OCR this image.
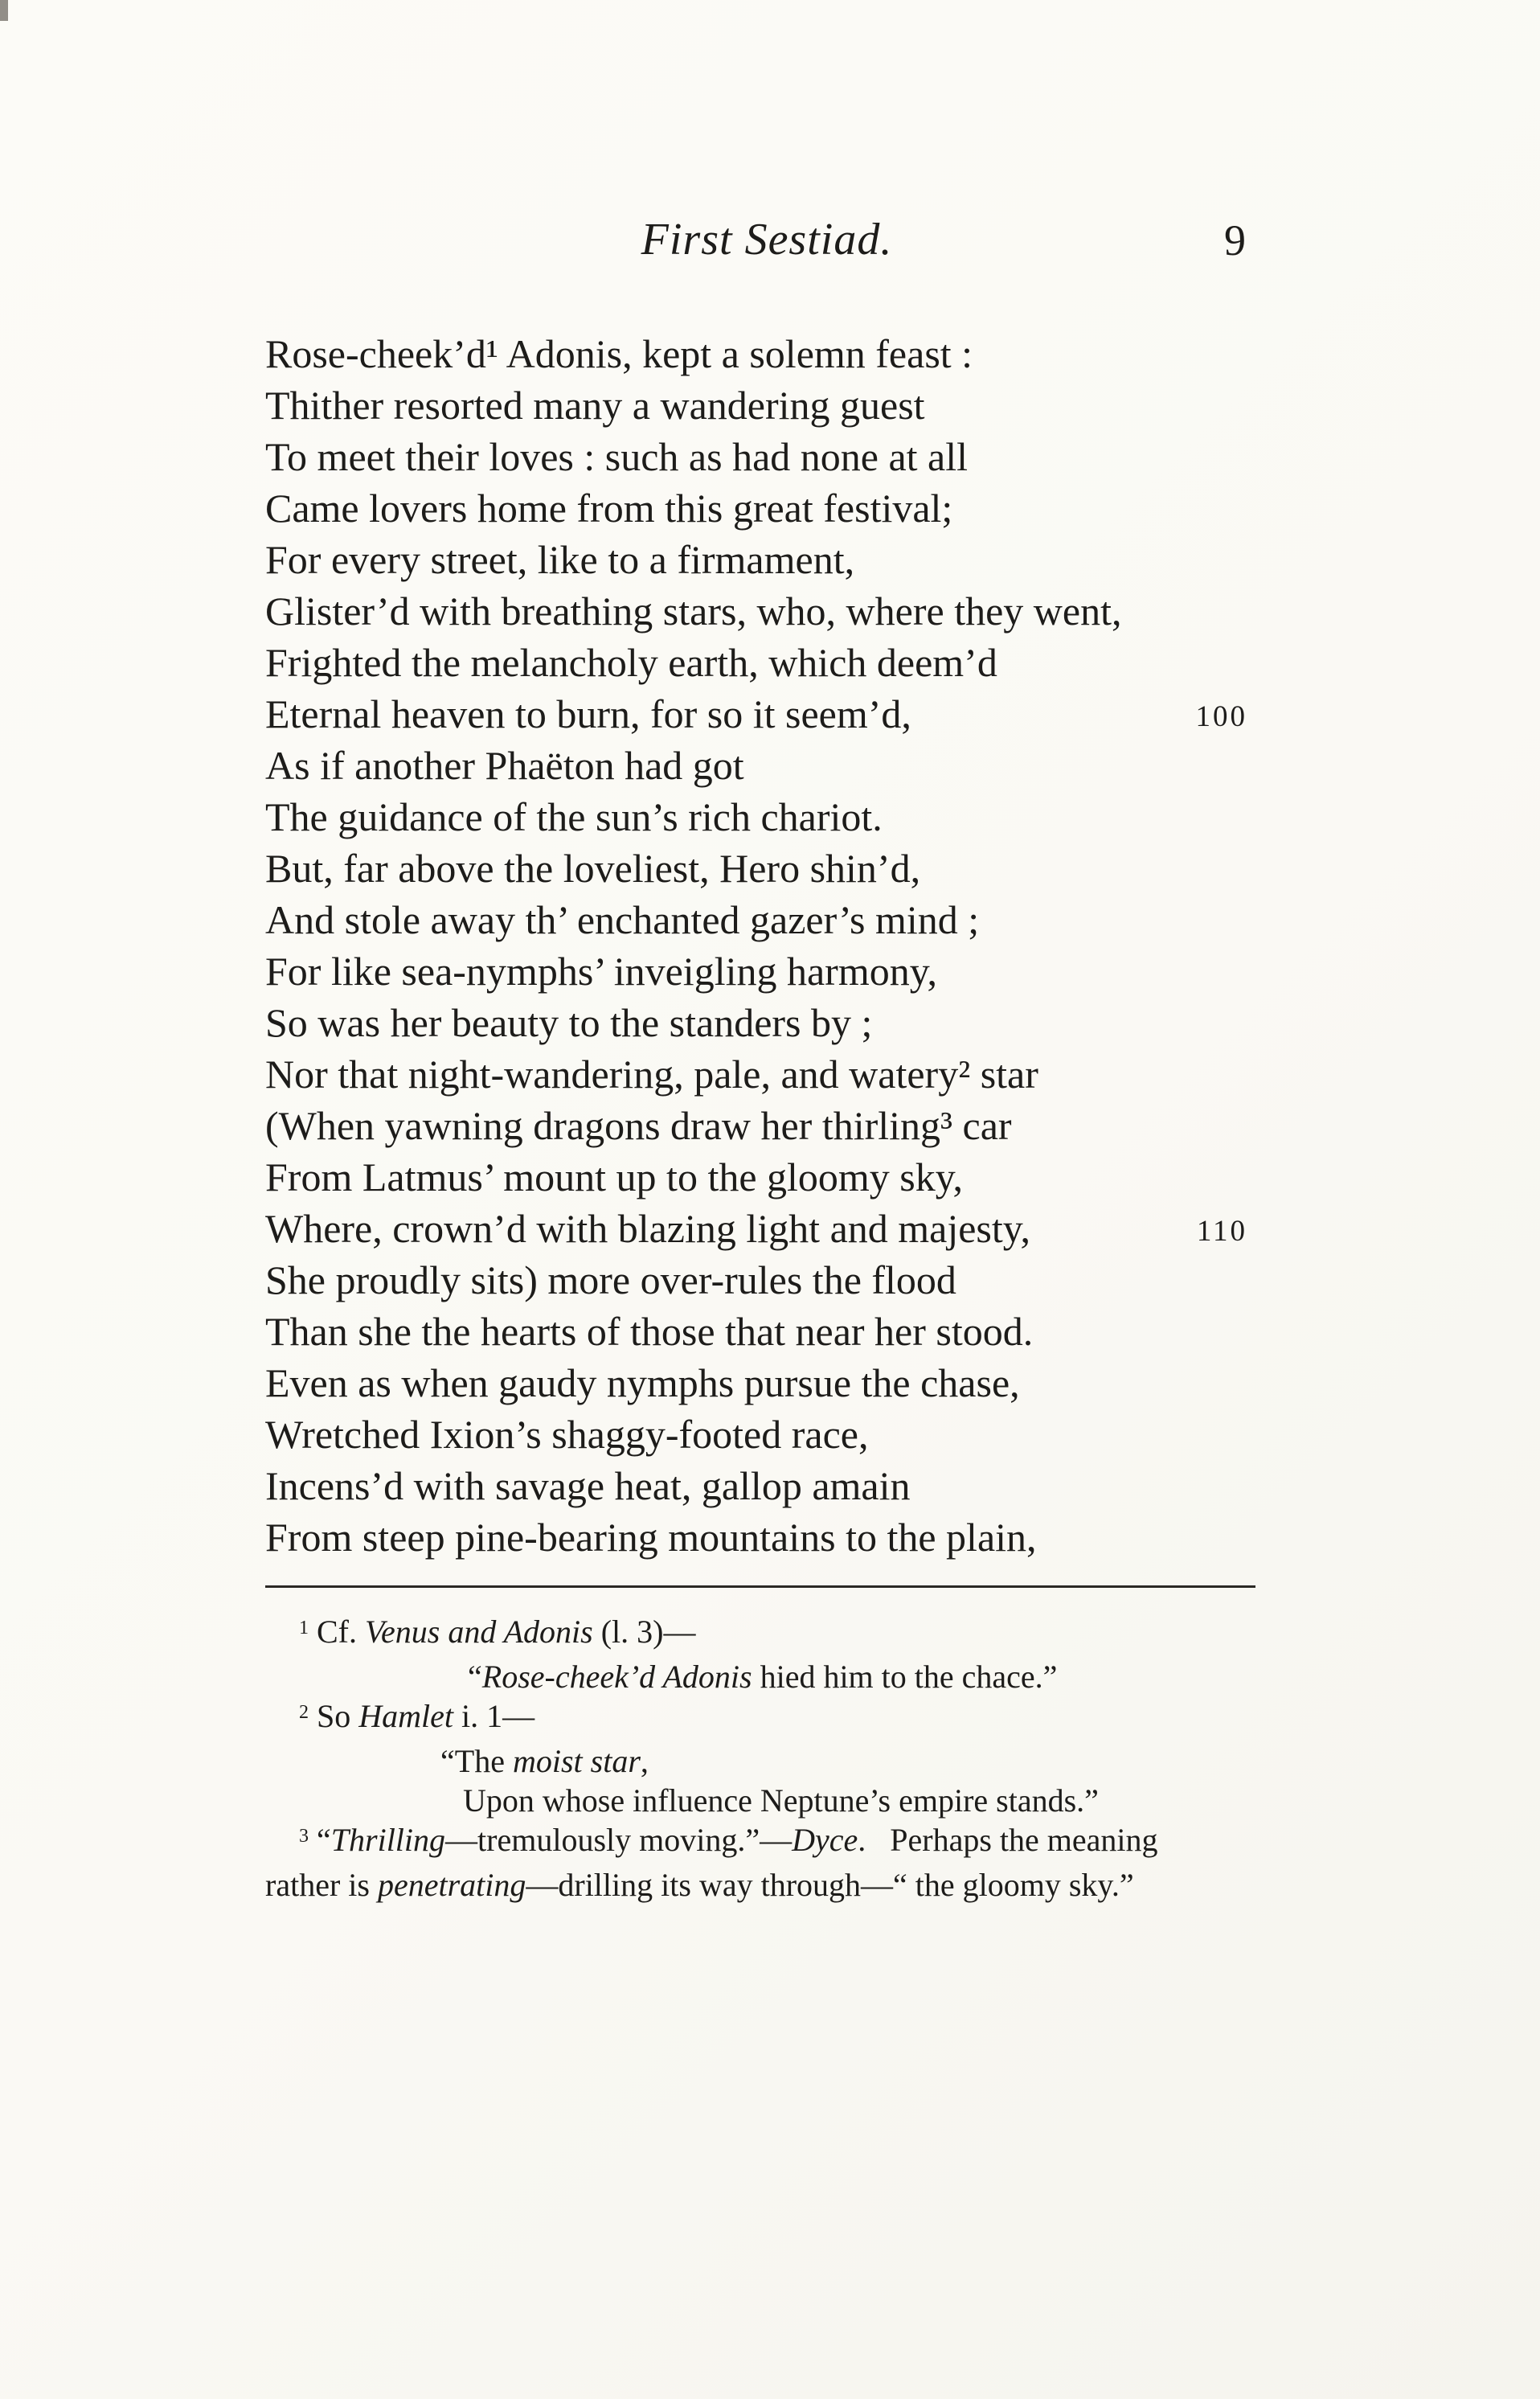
First Sestiad.	9
Rose-cheek’d¹ Adonis, kept a solemn feast :
Thither resorted many a wandering guest
To meet their loves : such as had none at all
Came lovers home from this great festival;
For every street, like to a firmament,
Glister’d with breathing stars, who, where they went,
Frighted the melancholy earth, which deem’d
Eternal heaven to burn, for so it seem’d,	100
As if another Phaëton had got
The guidance of the sun’s rich chariot.
But, far above the loveliest, Hero shin’d,
And stole away th’ enchanted gazer’s mind ;
For like sea-nymphs’ inveigling harmony,
So was her beauty to the standers by ;
Nor that night-wandering, pale, and watery² star
(When yawning dragons draw her thirling³ car
From Latmus’ mount up to the gloomy sky,
Where, crown’d with blazing light and majesty,	110
She proudly sits) more over-rules the flood
Than she the hearts of those that near her stood.
Even as when gaudy nymphs pursue the chase,
Wretched Ixion’s shaggy-footed race,
Incens’d with savage heat, gallop amain
From steep pine-bearing mountains to the plain,
$^1$ Cf. Venus and Adonis (l. 3)—
“Rose-cheek’d Adonis hied him to the chace.”
$^2$ So Hamlet i. 1—
“The moist star,
Upon whose influence Neptune’s empire stands.”
$^3$ “Thrilling—tremulously moving.”—Dyce.  Perhaps the meaning
rather is penetrating—drilling its way through—“ the gloomy sky.”
